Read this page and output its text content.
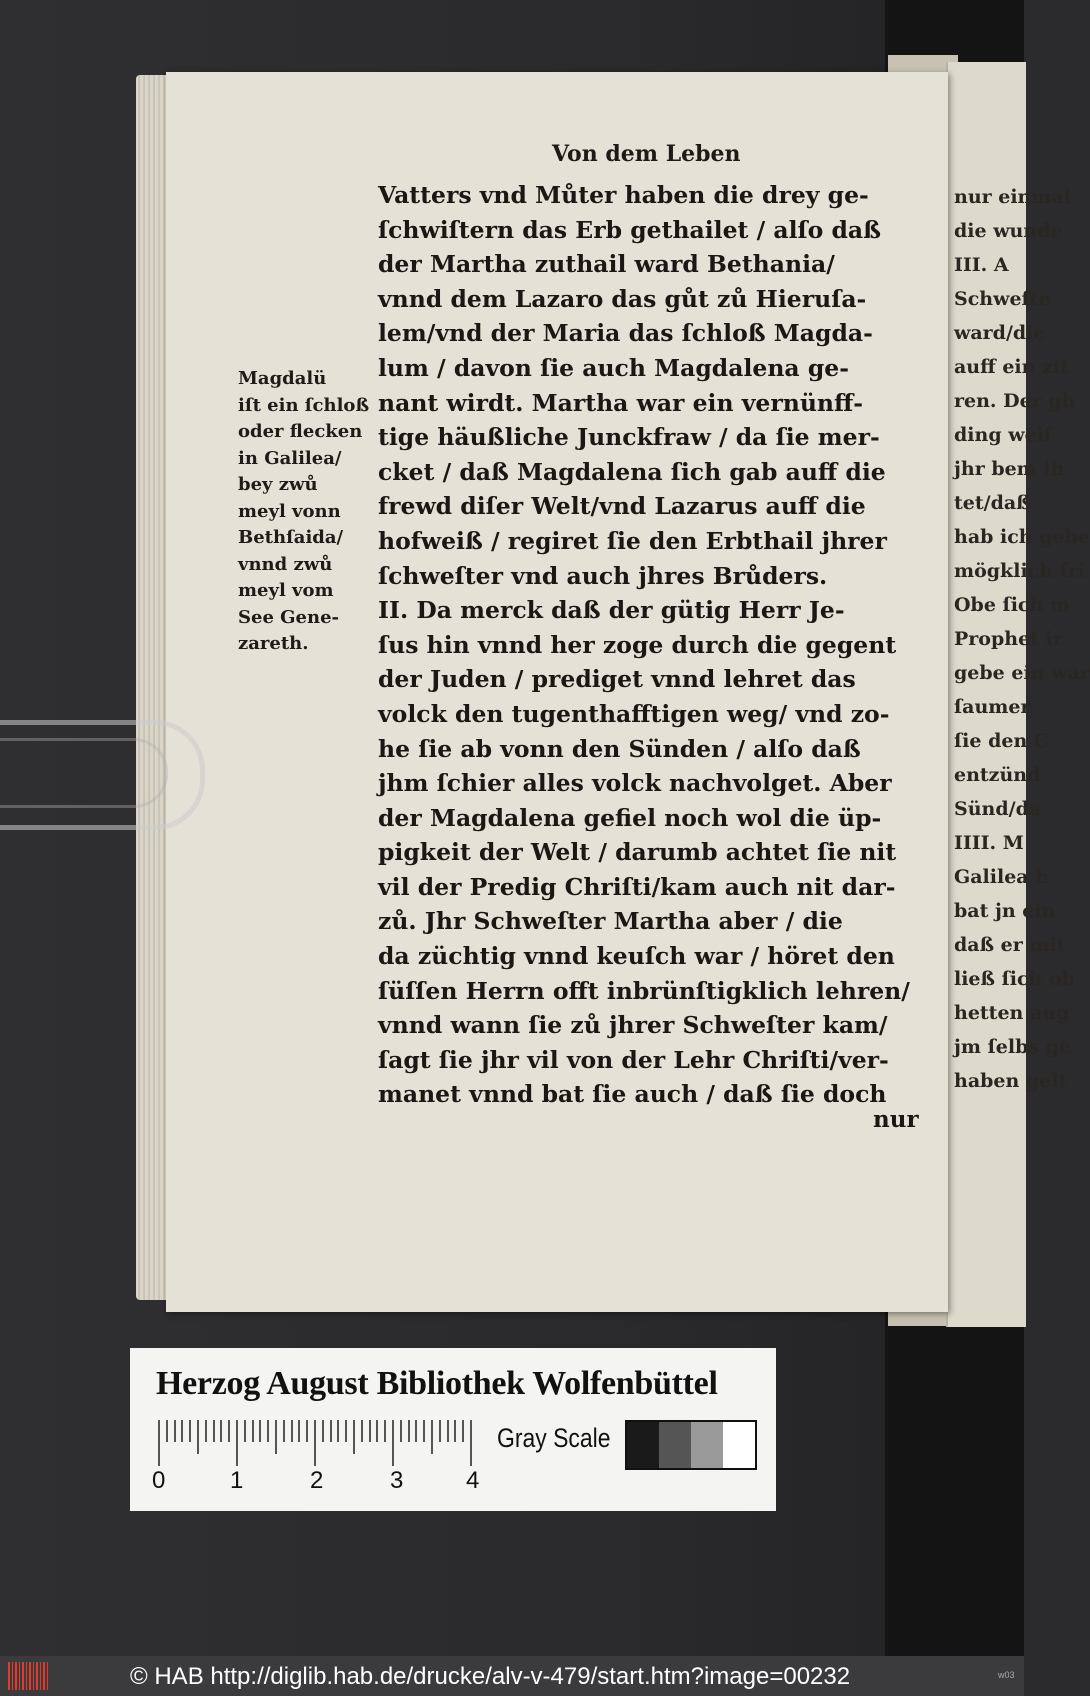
nur einmal
die wunde
III. A
Schweſte
ward/die
auff ein zit
ren. Der gh
ding weiſ
jhr bem ih
tet/daß
hab ich gebe
mögklich fri
Obe ſich m
Prophet ir
gebe ein war
ſaumer
ſie den C
entzünd
Sünd/da
IIII. M
Galilea h
bat jn ein
daß er mit
ließ ſich ob
hetten aug
jm ſelbs ge
haben gelt
Von dem Leben
Magdalü
iſt ein ſchloß
oder flecken
in Galilea/
bey zwů
meyl vonn
Bethſaida/
vnnd zwů
meyl vom
See Gene-
zareth.
Vatters vnd Můter haben die drey ge-
ſchwiſtern das Erb gethailet / alſo daß
der Martha zuthail ward Bethania/
vnnd dem Lazaro das gůt zů Hieruſa-
lem/vnd der Maria das ſchloß Magda-
lum / davon ſie auch Magdalena ge-
nant wirdt. Martha war ein vernünff-
tige häußliche Junckfraw / da ſie mer-
cket / daß Magdalena ſich gab auff die
frewd diſer Welt/vnd Lazarus auff die
hofweiß / regiret ſie den Erbthail jhrer
ſchweſter vnd auch jhres Brůders.
II. Da merck daß der gütig Herr Je-
ſus hin vnnd her zoge durch die gegent
der Juden / prediget vnnd lehret das
volck den tugenthafftigen weg/ vnd zo-
he ſie ab vonn den Sünden / alſo daß
jhm ſchier alles volck nachvolget. Aber
der Magdalena gefiel noch wol die üp-
pigkeit der Welt / darumb achtet ſie nit
vil der Predig Chriſti/kam auch nit dar-
zů. Jhr Schweſter Martha aber / die
da züchtig vnnd keuſch war / höret den
ſüſſen Herrn offt inbrünſtigklich lehren/
vnnd wann ſie zů jhrer Schweſter kam/
ſagt ſie jhr vil von der Lehr Chriſti/ver-
manet vnnd bat ſie auch / daß ſie doch
nur
Herzog August Bibliothek Wolfenbüttel
0	1	2	3	4
Gray Scale
© HAB http://diglib.hab.de/drucke/alv-v-479/start.htm?image=00232	w03
